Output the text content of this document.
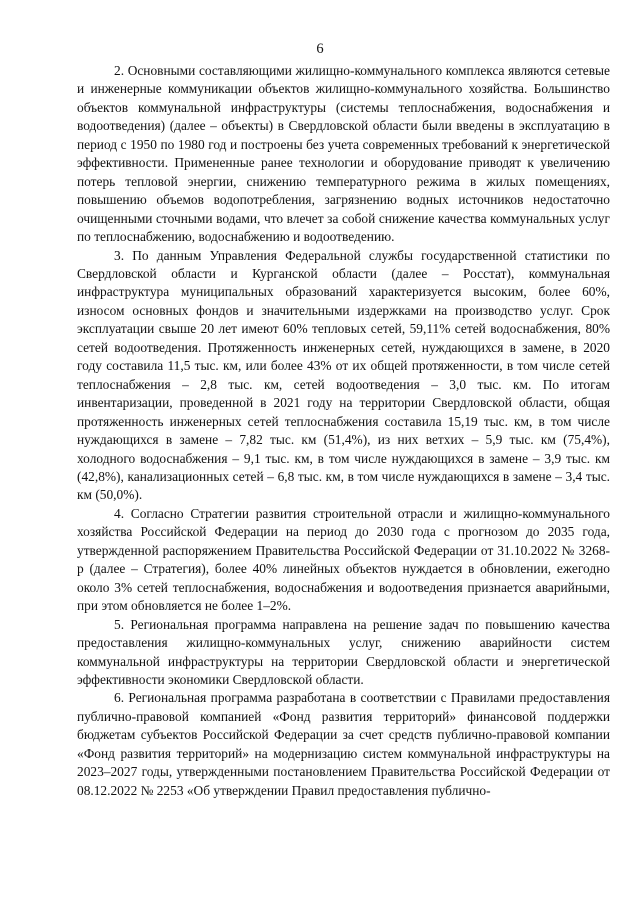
6

2. Основными составляющими жилищно-коммунального комплекса являются сетевые и инженерные коммуникации объектов жилищно-коммунального хозяйства. Большинство объектов коммунальной инфраструктуры (системы теплоснабжения, водоснабжения и водоотведения) (далее – объекты) в Свердловской области были введены в эксплуатацию в период с 1950 по 1980 год и построены без учета современных требований к энергетической эффективности. Примененные ранее технологии и оборудование приводят к увеличению потерь тепловой энергии, снижению температурного режима в жилых помещениях, повышению объемов водопотребления, загрязнению водных источников недостаточно очищенными сточными водами, что влечет за собой снижение качества коммунальных услуг по теплоснабжению, водоснабжению и водоотведению.

3. По данным Управления Федеральной службы государственной статистики по Свердловской области и Курганской области (далее – Росстат), коммунальная инфраструктура муниципальных образований характеризуется высоким, более 60%, износом основных фондов и значительными издержками на производство услуг. Срок эксплуатации свыше 20 лет имеют 60% тепловых сетей, 59,11% сетей водоснабжения, 80% сетей водоотведения. Протяженность инженерных сетей, нуждающихся в замене, в 2020 году составила 11,5 тыс. км, или более 43% от их общей протяженности, в том числе сетей теплоснабжения – 2,8 тыс. км, сетей водоотведения – 3,0 тыс. км. По итогам инвентаризации, проведенной в 2021 году на территории Свердловской области, общая протяженность инженерных сетей теплоснабжения составила 15,19 тыс. км, в том числе нуждающихся в замене – 7,82 тыс. км (51,4%), из них ветхих – 5,9 тыс. км (75,4%), холодного водоснабжения – 9,1 тыс. км, в том числе нуждающихся в замене – 3,9 тыс. км (42,8%), канализационных сетей – 6,8 тыс. км, в том числе нуждающихся в замене – 3,4 тыс. км (50,0%).

4. Согласно Стратегии развития строительной отрасли и жилищно-коммунального хозяйства Российской Федерации на период до 2030 года с прогнозом до 2035 года, утвержденной распоряжением Правительства Российской Федерации от 31.10.2022 № 3268-р (далее – Стратегия), более 40% линейных объектов нуждается в обновлении, ежегодно около 3% сетей теплоснабжения, водоснабжения и водоотведения признается аварийными, при этом обновляется не более 1–2%.

5. Региональная программа направлена на решение задач по повышению качества предоставления жилищно-коммунальных услуг, снижению аварийности систем коммунальной инфраструктуры на территории Свердловской области и энергетической эффективности экономики Свердловской области.

6. Региональная программа разработана в соответствии с Правилами предоставления публично-правовой компанией «Фонд развития территорий» финансовой поддержки бюджетам субъектов Российской Федерации за счет средств публично-правовой компании «Фонд развития территорий» на модернизацию систем коммунальной инфраструктуры на 2023–2027 годы, утвержденными постановлением Правительства Российской Федерации от 08.12.2022 № 2253 «Об утверждении Правил предоставления публично-
